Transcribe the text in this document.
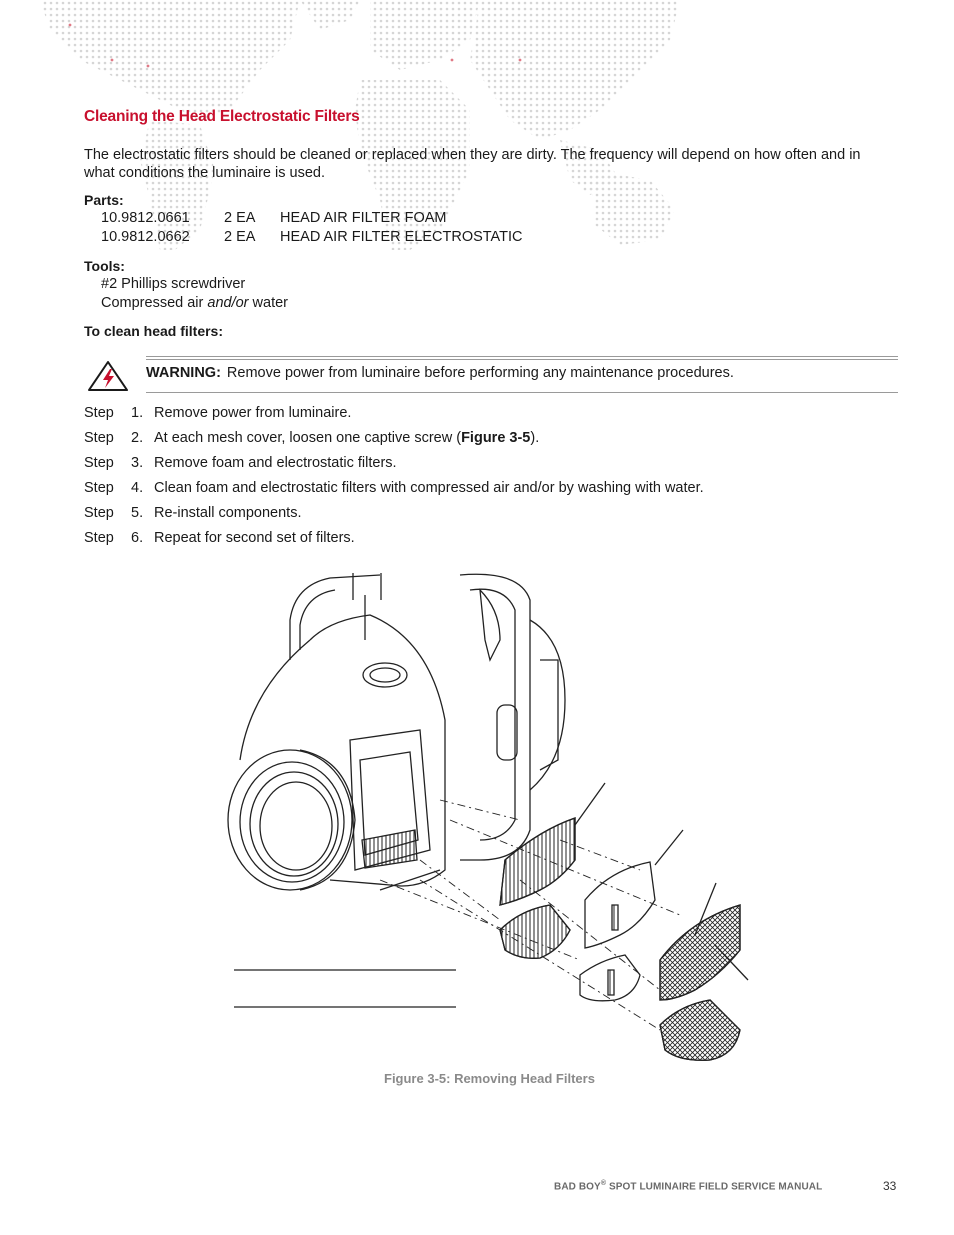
Cleaning the Head Electrostatic Filters
The electrostatic filters should be cleaned or replaced when they are dirty. The frequency will depend on how often and in what conditions the luminaire is used.
Parts:
10.9812.0661 2 EA HEAD AIR FILTER FOAM
10.9812.0662 2 EA HEAD AIR FILTER ELECTROSTATIC
Tools:
#2 Phillips screwdriver
Compressed air and/or water
To clean head filters:
WARNING: Remove power from luminaire before performing any maintenance procedures.
Step 1. Remove power from luminaire.
Step 2. At each mesh cover, loosen one captive screw (Figure 3-5).
Step 3. Remove foam and electrostatic filters.
Step 4. Clean foam and electrostatic filters with compressed air and/or by washing with water.
Step 5. Re-install components.
Step 6. Repeat for second set of filters.
Figure 3-5: Removing Head Filters
BAD BOY® SPOT LUMINAIRE FIELD SERVICE MANUAL	33
